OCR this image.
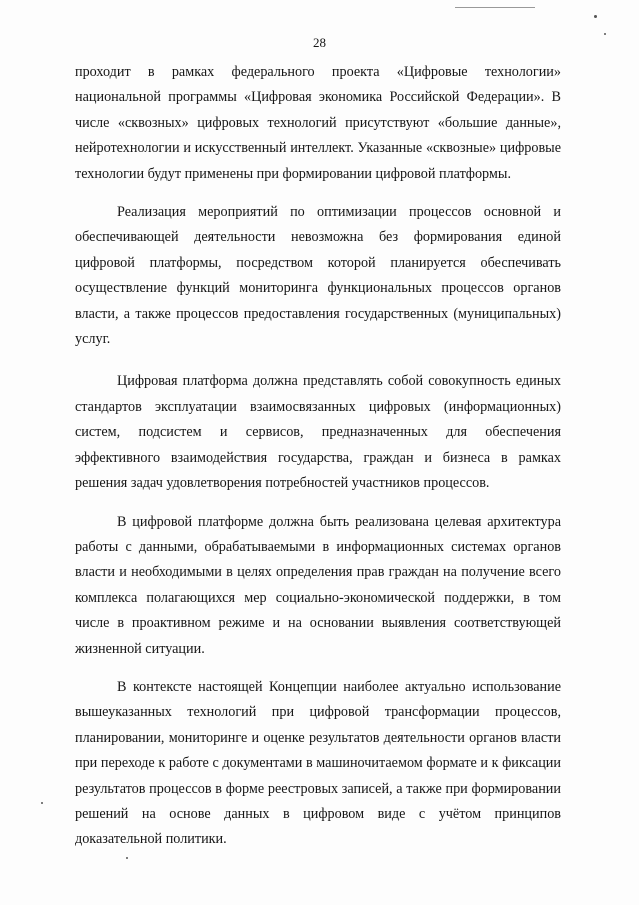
28

проходит в рамках федерального проекта «Цифровые технологии» национальной программы «Цифровая экономика Российской Федерации». В числе «сквозных» цифровых технологий присутствуют «большие данные», нейротехнологии и искусственный интеллект. Указанные «сквозные» цифровые технологии будут применены при формировании цифровой платформы.

Реализация мероприятий по оптимизации процессов основной и обеспечивающей деятельности невозможна без формирования единой цифровой платформы, посредством которой планируется обеспечивать осуществление функций мониторинга функциональных процессов органов власти, а также процессов предоставления государственных (муниципальных) услуг.

Цифровая платформа должна представлять собой совокупность единых стандартов эксплуатации взаимосвязанных цифровых (информационных) систем, подсистем и сервисов, предназначенных для обеспечения эффективного взаимодействия государства, граждан и бизнеса в рамках решения задач удовлетворения потребностей участников процессов.

В цифровой платформе должна быть реализована целевая архитектура работы с данными, обрабатываемыми в информационных системах органов власти и необходимыми в целях определения прав граждан на получение всего комплекса полагающихся мер социально-экономической поддержки, в том числе в проактивном режиме и на основании выявления соответствующей жизненной ситуации.

В контексте настоящей Концепции наиболее актуально использование вышеуказанных технологий при цифровой трансформации процессов, планировании, мониторинге и оценке результатов деятельности органов власти при переходе к работе с документами в машиночитаемом формате и к фиксации результатов процессов в форме реестровых записей, а также при формировании решений на основе данных в цифровом виде с учётом принципов доказательной политики.
